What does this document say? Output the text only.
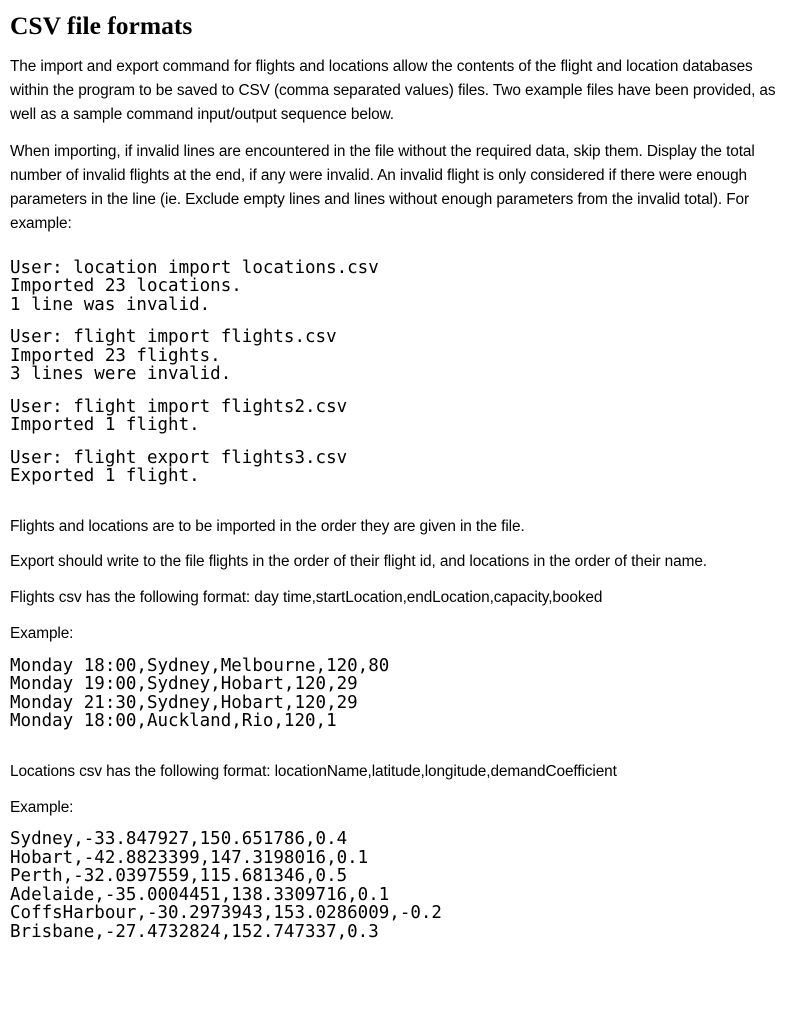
CSV file formats

The import and export command for flights and locations allow the contents of the flight and location databases within the program to be saved to CSV (comma separated values) files. Two example files have been provided, as well as a sample command input/output sequence below.

When importing, if invalid lines are encountered in the file without the required data, skip them. Display the total number of invalid flights at the end, if any were invalid. An invalid flight is only considered if there were enough parameters in the line (ie. Exclude empty lines and lines without enough parameters from the invalid total). For example:

User: location import locations.csv
Imported 23 locations.
1 line was invalid.
User: flight import flights.csv
Imported 23 flights.
3 lines were invalid.
User: flight import flights2.csv
Imported 1 flight.
User: flight export flights3.csv
Exported 1 flight.

Flights and locations are to be imported in the order they are given in the file.

Export should write to the file flights in the order of their flight id, and locations in the order of their name.

Flights csv has the following format: day time,startLocation,endLocation,capacity,booked

Example:

Monday 18:00,Sydney,Melbourne,120,80
Monday 19:00,Sydney,Hobart,120,29
Monday 21:30,Sydney,Hobart,120,29
Monday 18:00,Auckland,Rio,120,1

Locations csv has the following format: locationName,latitude,longitude,demandCoefficient

Example:

Sydney,-33.847927,150.651786,0.4
Hobart,-42.8823399,147.3198016,0.1
Perth,-32.0397559,115.681346,0.5
Adelaide,-35.0004451,138.3309716,0.1
CoffsHarbour,-30.2973943,153.0286009,-0.2
Brisbane,-27.4732824,152.747337,0.3
